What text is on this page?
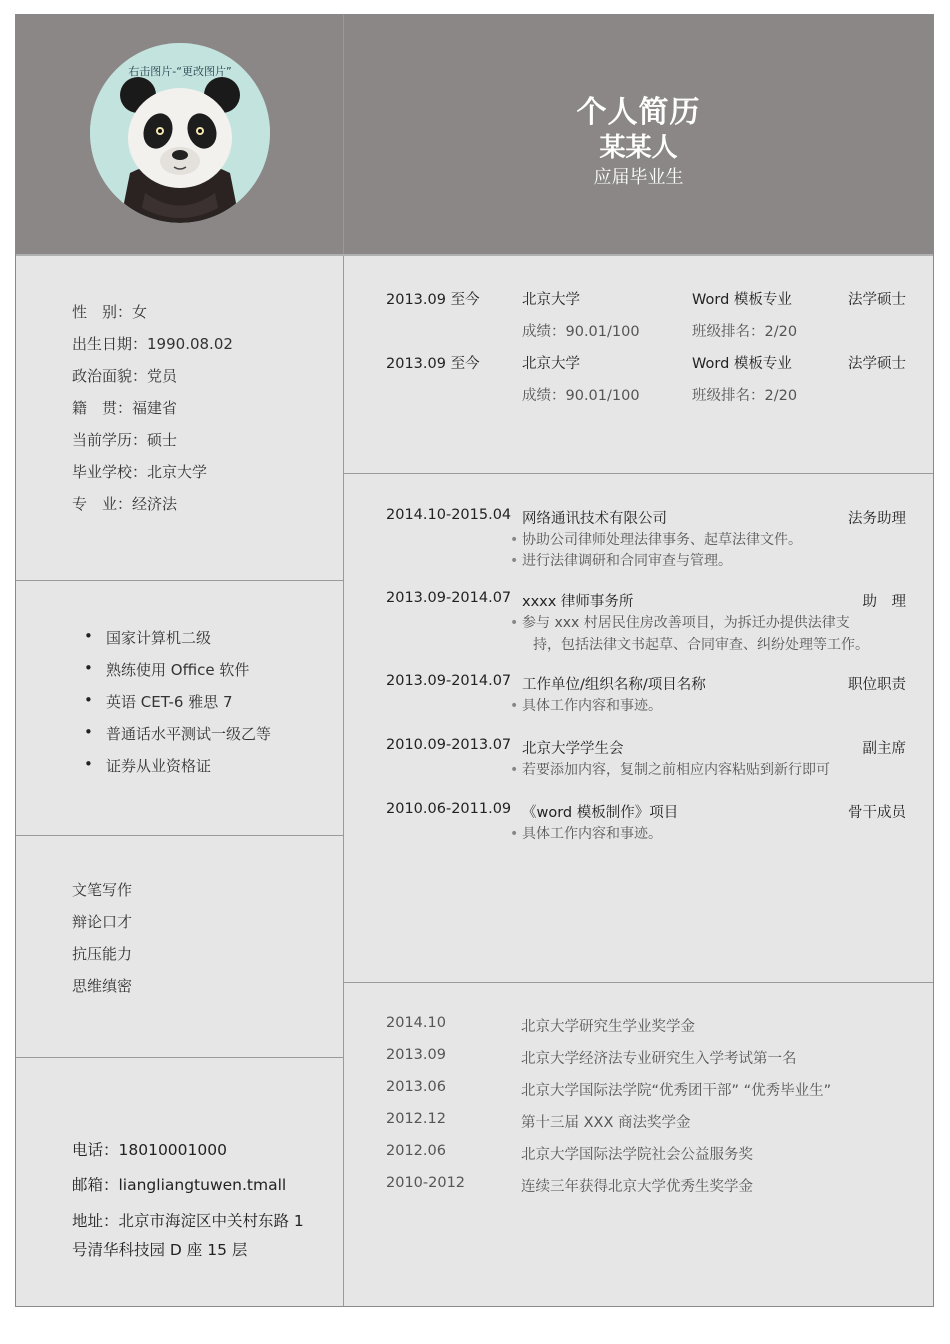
右击图片-“更改图片”
个人简历
某某人
应届毕业生
性　别：女
出生日期：1990.08.02
政治面貌：党员
籍　贯：福建省
当前学历：硕士
毕业学校：北京大学
专　业：经济法
• 国家计算机二级
• 熟练使用 Office 软件
• 英语 CET-6 雅思 7
• 普通话水平测试一级乙等
• 证券从业资格证
文笔写作
辩论口才
抗压能力
思维缜密
电话：18010001000
邮箱：liangliangtuwen.tmall
地址：北京市海淀区中关村东路 1
号清华科技园 D 座 15 层
2013.09 至今	北京大学	Word 模板专业	法学硕士
成绩：90.01/100	班级排名：2/20
2013.09 至今	北京大学	Word 模板专业	法学硕士
成绩：90.01/100	班级排名：2/20
2014.10-2015.04 网络通讯技术有限公司	法务助理
• 协助公司律师处理法律事务、起草法律文件。
• 进行法律调研和合同审查与管理。
2013.09-2014.07 xxxx 律师事务所	助　理
• 参与 xxx 村居民住房改善项目，为拆迁办提供法律支
持，包括法律文书起草、合同审查、纠纷处理等工作。
2013.09-2014.07 工作单位/组织名称/项目名称	职位职责
• 具体工作内容和事迹。
2010.09-2013.07 北京大学学生会	副主席
• 若要添加内容，复制之前相应内容粘贴到新行即可
2010.06-2011.09 《word 模板制作》项目	骨干成员
• 具体工作内容和事迹。
2014.10	北京大学研究生学业奖学金
2013.09	北京大学经济法专业研究生入学考试第一名
2013.06	北京大学国际法学院“优秀团干部” “优秀毕业生”
2012.12	第十三届 XXX 商法奖学金
2012.06	北京大学国际法学院社会公益服务奖
2010-2012	连续三年获得北京大学优秀生奖学金
